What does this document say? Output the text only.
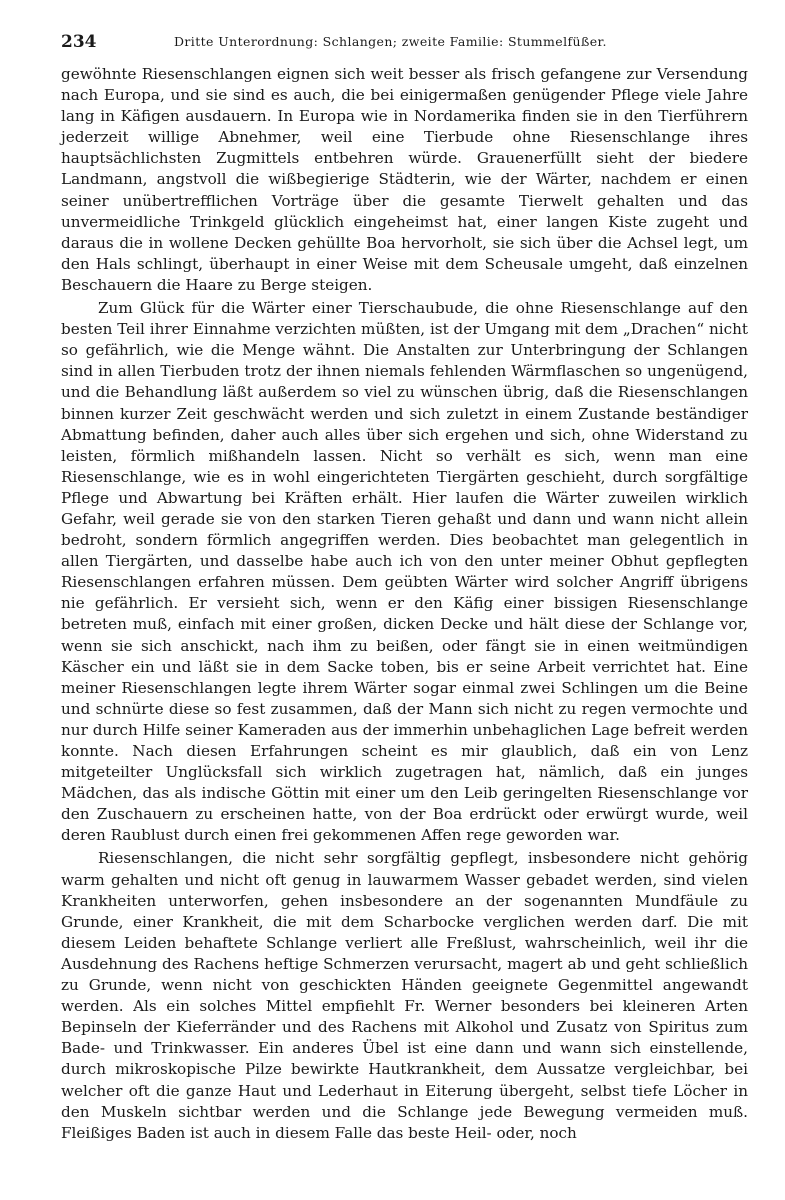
234	Dritte Unterordnung: Schlangen; zweite Familie: Stummelfüßer.

gewöhnte Riesenschlangen eignen sich weit besser als frisch gefangene zur Versendung nach Europa, und sie sind es auch, die bei einigermaßen genügender Pflege viele Jahre lang in Käfigen ausdauern. In Europa wie in Nordamerika finden sie in den Tierführern jederzeit willige Abnehmer, weil eine Tierbude ohne Riesenschlange ihres hauptsächlichsten Zugmittels entbehren würde. Grauenerfüllt sieht der biedere Landmann, angstvoll die wißbegierige Städterin, wie der Wärter, nachdem er einen seiner unübertrefflichen Vorträge über die gesamte Tierwelt gehalten und das unvermeidliche Trinkgeld glücklich eingeheimst hat, einer langen Kiste zugeht und daraus die in wollene Decken gehüllte Boa hervorholt, sie sich über die Achsel legt, um den Hals schlingt, überhaupt in einer Weise mit dem Scheusale umgeht, daß einzelnen Beschauern die Haare zu Berge steigen.

Zum Glück für die Wärter einer Tierschaubude, die ohne Riesenschlange auf den besten Teil ihrer Einnahme verzichten müßten, ist der Umgang mit dem „Drachen“ nicht so gefährlich, wie die Menge wähnt. Die Anstalten zur Unterbringung der Schlangen sind in allen Tierbuden trotz der ihnen niemals fehlenden Wärmflaschen so ungenügend, und die Behandlung läßt außerdem so viel zu wünschen übrig, daß die Riesenschlangen binnen kurzer Zeit geschwächt werden und sich zuletzt in einem Zustande beständiger Abmattung befinden, daher auch alles über sich ergehen und sich, ohne Widerstand zu leisten, förmlich mißhandeln lassen. Nicht so verhält es sich, wenn man eine Riesenschlange, wie es in wohl eingerichteten Tiergärten geschieht, durch sorgfältige Pflege und Abwartung bei Kräften erhält. Hier laufen die Wärter zuweilen wirklich Gefahr, weil gerade sie von den starken Tieren gehaßt und dann und wann nicht allein bedroht, sondern förmlich angegriffen werden. Dies beobachtet man gelegentlich in allen Tiergärten, und dasselbe habe auch ich von den unter meiner Obhut gepflegten Riesenschlangen erfahren müssen. Dem geübten Wärter wird solcher Angriff übrigens nie gefährlich. Er versieht sich, wenn er den Käfig einer bissigen Riesenschlange betreten muß, einfach mit einer großen, dicken Decke und hält diese der Schlange vor, wenn sie sich anschickt, nach ihm zu beißen, oder fängt sie in einen weitmündigen Käscher ein und läßt sie in dem Sacke toben, bis er seine Arbeit verrichtet hat. Eine meiner Riesenschlangen legte ihrem Wärter sogar einmal zwei Schlingen um die Beine und schnürte diese so fest zusammen, daß der Mann sich nicht zu regen vermochte und nur durch Hilfe seiner Kameraden aus der immerhin unbehaglichen Lage befreit werden konnte. Nach diesen Erfahrungen scheint es mir glaublich, daß ein von Lenz mitgeteilter Unglücksfall sich wirklich zugetragen hat, nämlich, daß ein junges Mädchen, das als indische Göttin mit einer um den Leib geringelten Riesenschlange vor den Zuschauern zu erscheinen hatte, von der Boa erdrückt oder erwürgt wurde, weil deren Raublust durch einen frei gekommenen Affen rege geworden war.

Riesenschlangen, die nicht sehr sorgfältig gepflegt, insbesondere nicht gehörig warm gehalten und nicht oft genug in lauwarmem Wasser gebadet werden, sind vielen Krankheiten unterworfen, gehen insbesondere an der sogenannten Mundfäule zu Grunde, einer Krankheit, die mit dem Scharbocke verglichen werden darf. Die mit diesem Leiden behaftete Schlange verliert alle Freßlust, wahrscheinlich, weil ihr die Ausdehnung des Rachens heftige Schmerzen verursacht, magert ab und geht schließlich zu Grunde, wenn nicht von geschickten Händen geeignete Gegenmittel angewandt werden. Als ein solches Mittel empfiehlt Fr. Werner besonders bei kleineren Arten Bepinseln der Kieferränder und des Rachens mit Alkohol und Zusatz von Spiritus zum Bade- und Trinkwasser. Ein anderes Übel ist eine dann und wann sich einstellende, durch mikroskopische Pilze bewirkte Hautkrankheit, dem Aussatze vergleichbar, bei welcher oft die ganze Haut und Lederhaut in Eiterung übergeht, selbst tiefe Löcher in den Muskeln sichtbar werden und die Schlange jede Bewegung vermeiden muß. Fleißiges Baden ist auch in diesem Falle das beste Heil- oder, noch
